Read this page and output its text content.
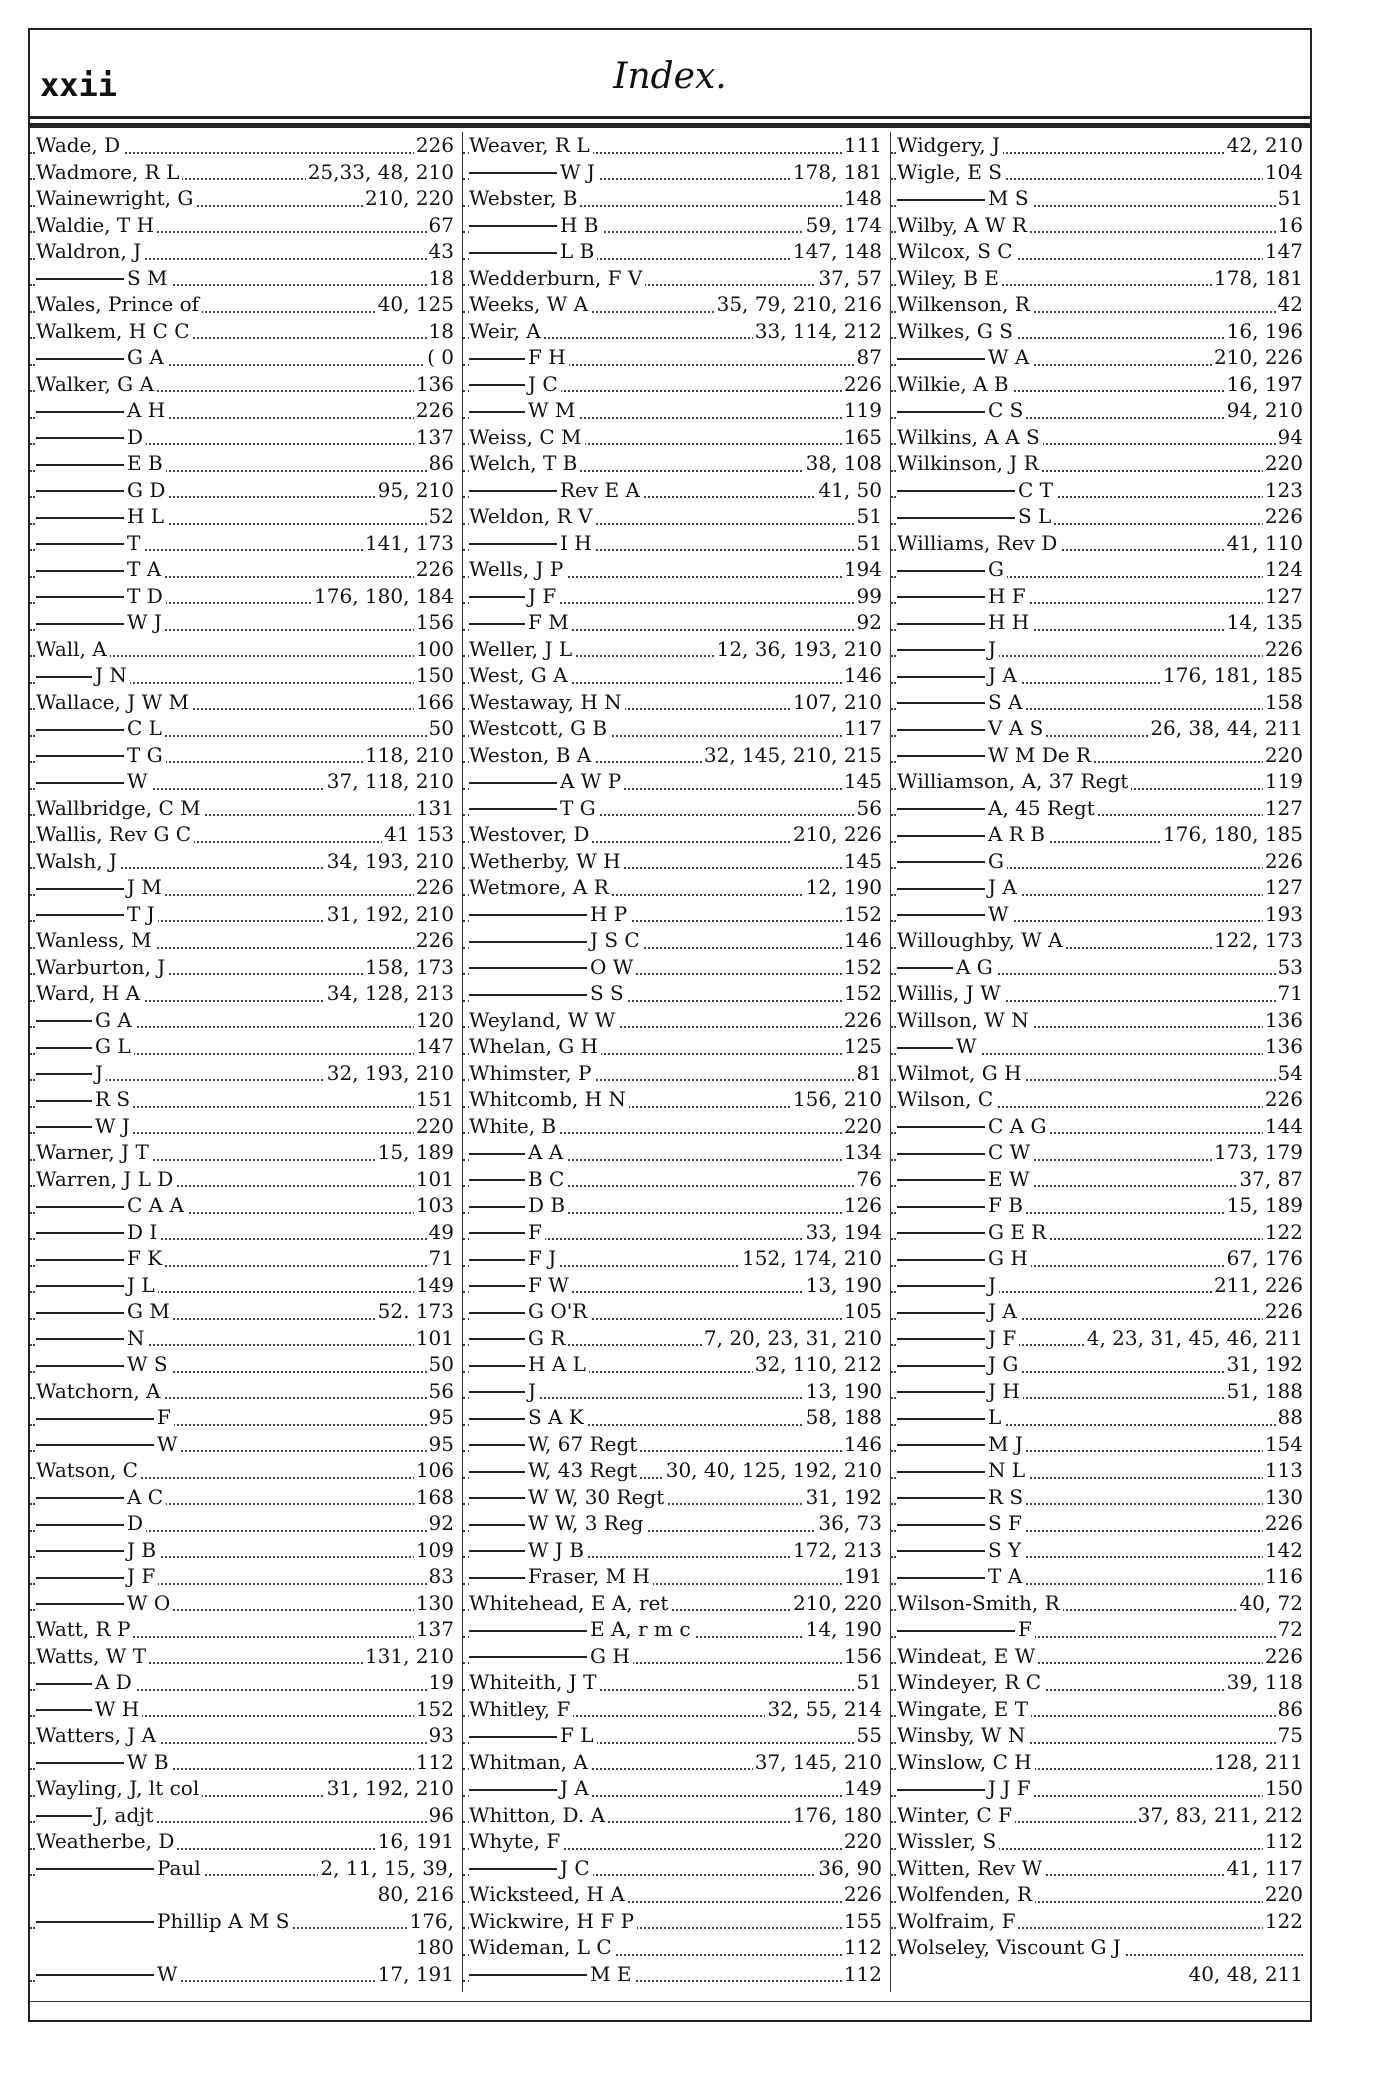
xxii	Index.
Wade, D	226
Wadmore, R L	25,33, 48, 210
Wainewright, G	210, 220
Waldie, T H	67
Waldron, J	43
S M	18
Wales, Prince of	40, 125
Walkem, H C C	18
G A	( 0
Walker, G A	136
A H	226
D	137
E B	86
G D	95, 210
H L	52
T	141, 173
T A	226
T D	176, 180, 184
W J	156
Wall, A	100
J N	150
Wallace, J W M	166
C L	50
T G	118, 210
W	37, 118, 210
Wallbridge, C M	131
Wallis, Rev G C	41 153
Walsh, J	34, 193, 210
J M	226
T J	31, 192, 210
Wanless, M	226
Warburton, J	158, 173
Ward, H A	34, 128, 213
G A	120
G L	147
J	32, 193, 210
R S	151
W J	220
Warner, J T	15, 189
Warren, J L D	101
C A A	103
D I	49
F K	71
J L	149
G M	52. 173
N	101
W S	50
Watchorn, A	56
F	95
W	95
Watson, C	106
A C	168
D	92
J B	109
J F	83
W O	130
Watt, R P	137
Watts, W T	131, 210
A D	19
W H	152
Watters, J A	93
W B	112
Wayling, J, lt col	31, 192, 210
J, adjt	96
Weatherbe, D	16, 191
Paul	2, 11, 15, 39,
80, 216
Phillip A M S	176,
180
W	17, 191
Weaver, R L	111
W J	178, 181
Webster, B	148
H B	59, 174
L B	147, 148
Wedderburn, F V	37, 57
Weeks, W A	35, 79, 210, 216
Weir, A	33, 114, 212
F H	87
J C	226
W M	119
Weiss, C M	165
Welch, T B	38, 108
Rev E A	41, 50
Weldon, R V	51
I H	51
Wells, J P	194
J F	99
F M	92
Weller, J L	12, 36, 193, 210
West, G A	146
Westaway, H N	107, 210
Westcott, G B	117
Weston, B A	32, 145, 210, 215
A W P	145
T G	56
Westover, D	210, 226
Wetherby, W H	145
Wetmore, A R	12, 190
H P	152
J S C	146
O W	152
S S	152
Weyland, W W	226
Whelan, G H	125
Whimster, P	81
Whitcomb, H N	156, 210
White, B	220
A A	134
B C	76
D B	126
F	33, 194
F J	152, 174, 210
F W	13, 190
G O'R	105
G R	7, 20, 23, 31, 210
H A L	32, 110, 212
J	13, 190
S A K	58, 188
W, 67 Regt	146
W, 43 Regt 30, 40, 125, 192, 210
W W, 30 Regt	31, 192
W W, 3 Reg	36, 73
W J B	172, 213
Fraser, M H	191
Whitehead, E A, ret	210, 220
E A, r m c	14, 190
G H	156
Whiteith, J T	51
Whitley, F	32, 55, 214
F L	55
Whitman, A	37, 145, 210
J A	149
Whitton, D. A	176, 180
Whyte, F	220
J C	36, 90
Wicksteed, H A	226
Wickwire, H F P	155
Wideman, L C	112
M E	112
Widgery, J	42, 210
Wigle, E S	104
M S	51
Wilby, A W R	16
Wilcox, S C	147
Wiley, B E	178, 181
Wilkenson, R	42
Wilkes, G S	16, 196
W A	210, 226
Wilkie, A B	16, 197
C S	94, 210
Wilkins, A A S	94
Wilkinson, J R	220
C T	123
S L	226
Williams, Rev D	41, 110
G	124
H F	127
H H	14, 135
J	226
J A	176, 181, 185
S A	158
V A S	26, 38, 44, 211
W M De R	220
Williamson, A, 37 Regt	119
A, 45 Regt	127
A R B	176, 180, 185
G	226
J A	127
W	193
Willoughby, W A	122, 173
A G	53
Willis, J W	71
Willson, W N	136
W	136
Wilmot, G H	54
Wilson, C	226
C A G	144
C W	173, 179
E W	37, 87
F B	15, 189
G E R	122
G H	67, 176
J	211, 226
J A	226
J F	4, 23, 31, 45, 46, 211
J G	31, 192
J H	51, 188
L	88
M J	154
N L	113
R S	130
S F	226
S Y	142
T A	116
Wilson-Smith, R	40, 72
F	72
Windeat, E W	226
Windeyer, R C	39, 118
Wingate, E T	86
Winsby, W N	75
Winslow, C H	128, 211
J J F	150
Winter, C F	37, 83, 211, 212
Wissler, S	112
Witten, Rev W	41, 117
Wolfenden, R	220
Wolfraim, F	122
Wolseley, Viscount G J
40, 48, 211
